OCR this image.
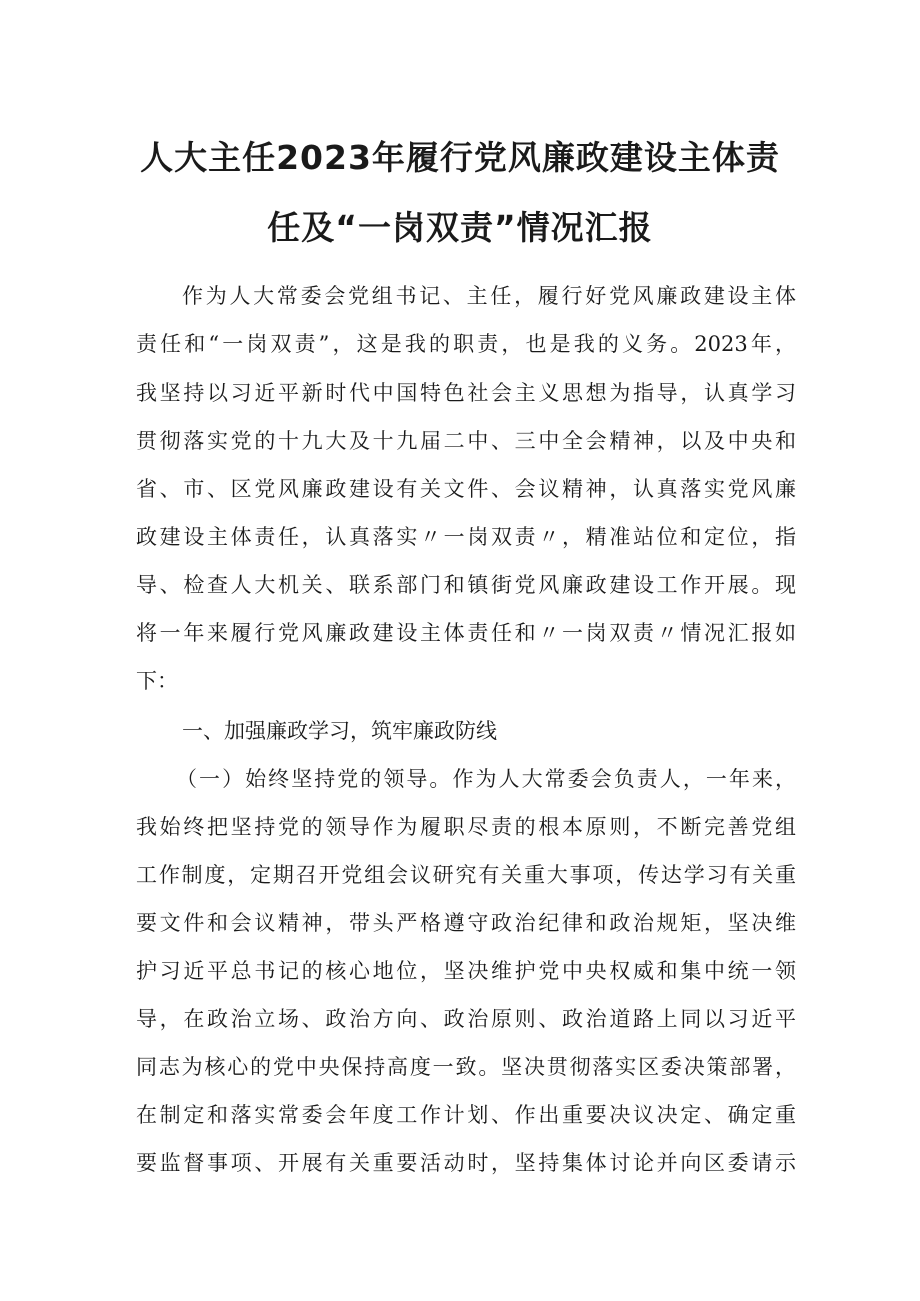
人大主任2023年履行党风廉政建设主体责
任及“一岗双责”情况汇报
作为人大常委会党组书记、主任，履行好党风廉政建设主体
责任和“一岗双责”，这是我的职责，也是我的义务。2023年，
我坚持以习近平新时代中国特色社会主义思想为指导，认真学习
贯彻落实党的十九大及十九届二中、三中全会精神，以及中央和
省、市、区党风廉政建设有关文件、会议精神，认真落实党风廉
政建设主体责任，认真落实〃一岗双责〃，精准站位和定位，指
导、检查人大机关、联系部门和镇街党风廉政建设工作开展。现
将一年来履行党风廉政建设主体责任和〃一岗双责〃情况汇报如
下：
一、加强廉政学习，筑牢廉政防线
（一）始终坚持党的领导。作为人大常委会负责人，一年来，
我始终把坚持党的领导作为履职尽责的根本原则，不断完善党组
工作制度，定期召开党组会议研究有关重大事项，传达学习有关重
要文件和会议精神，带头严格遵守政治纪律和政治规矩，坚决维
护习近平总书记的核心地位，坚决维护党中央权威和集中统一领
导，在政治立场、政治方向、政治原则、政治道路上同以习近平
同志为核心的党中央保持高度一致。坚决贯彻落实区委决策部署，
在制定和落实常委会年度工作计划、作出重要决议决定、确定重
要监督事项、开展有关重要活动时，坚持集体讨论并向区委请示
